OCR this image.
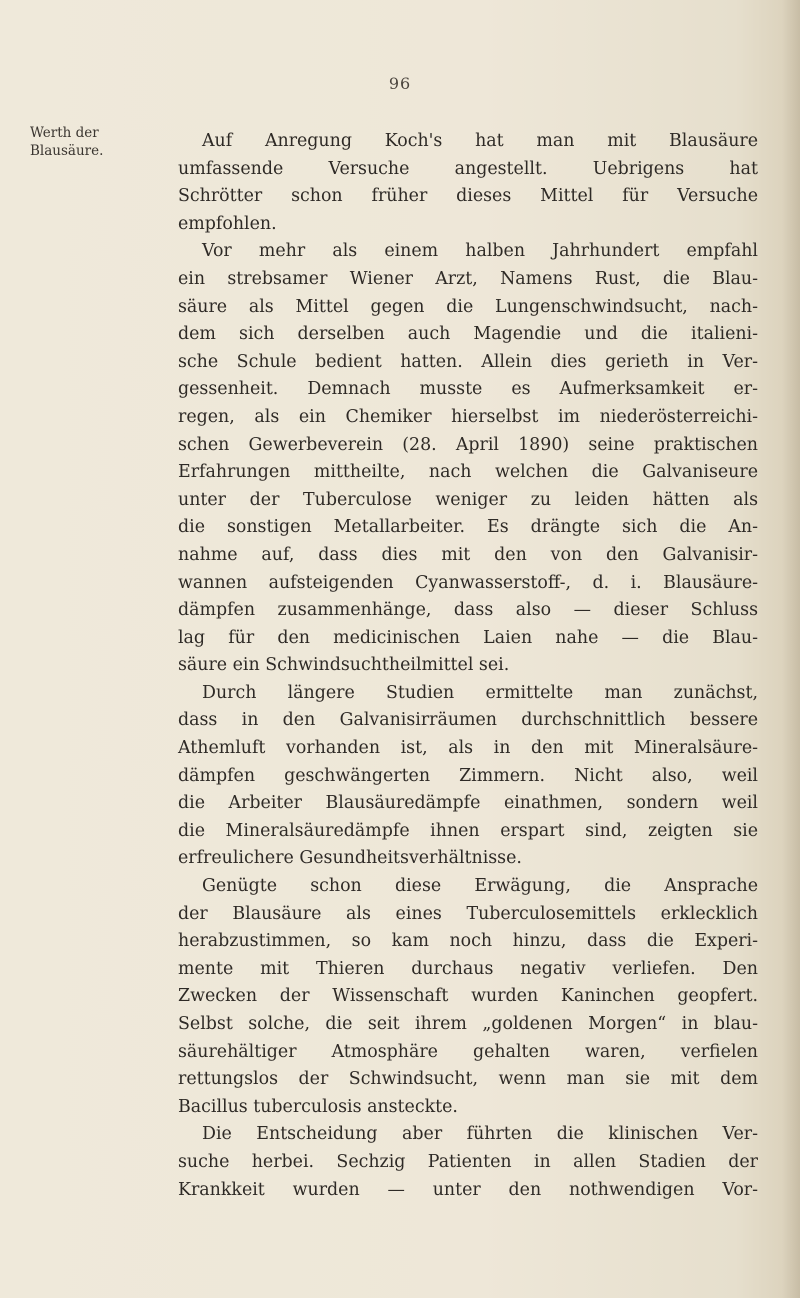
96
Werth der
Blausäure.	Auf Anregung Koch's hat man mit Blausäure
umfassende Versuche angestellt. Uebrigens hat
Schrötter schon früher dieses Mittel für Versuche
empfohlen.
Vor mehr als einem halben Jahrhundert empfahl
ein strebsamer Wiener Arzt, Namens Rust, die Blau-
säure als Mittel gegen die Lungenschwindsucht, nach-
dem sich derselben auch Magendie und die italieni-
sche Schule bedient hatten. Allein dies gerieth in Ver-
gessenheit. Demnach musste es Aufmerksamkeit er-
regen, als ein Chemiker hierselbst im niederösterreichi-
schen Gewerbeverein (28. April 1890) seine praktischen
Erfahrungen mittheilte, nach welchen die Galvaniseure
unter der Tuberculose weniger zu leiden hätten als
die sonstigen Metallarbeiter. Es drängte sich die An-
nahme auf, dass dies mit den von den Galvanisir-
wannen aufsteigenden Cyanwasserstoff-, d. i. Blausäure-
dämpfen zusammenhänge, dass also — dieser Schluss
lag für den medicinischen Laien nahe — die Blau-
säure ein Schwindsuchtheilmittel sei.
Durch längere Studien ermittelte man zunächst,
dass in den Galvanisirräumen durchschnittlich bessere
Athemluft vorhanden ist, als in den mit Mineralsäure-
dämpfen geschwängerten Zimmern. Nicht also, weil
die Arbeiter Blausäuredämpfe einathmen, sondern weil
die Mineralsäuredämpfe ihnen erspart sind, zeigten sie
erfreulichere Gesundheitsverhältnisse.
Genügte schon diese Erwägung, die Ansprache
der Blausäure als eines Tuberculosemittels erklecklich
herabzustimmen, so kam noch hinzu, dass die Experi-
mente mit Thieren durchaus negativ verliefen. Den
Zwecken der Wissenschaft wurden Kaninchen geopfert.
Selbst solche, die seit ihrem „goldenen Morgen“ in blau-
säurehältiger Atmosphäre gehalten waren, verfielen
rettungslos der Schwindsucht, wenn man sie mit dem
Bacillus tuberculosis ansteckte.
Die Entscheidung aber führten die klinischen Ver-
suche herbei. Sechzig Patienten in allen Stadien der
Krankkeit wurden — unter den nothwendigen Vor-
